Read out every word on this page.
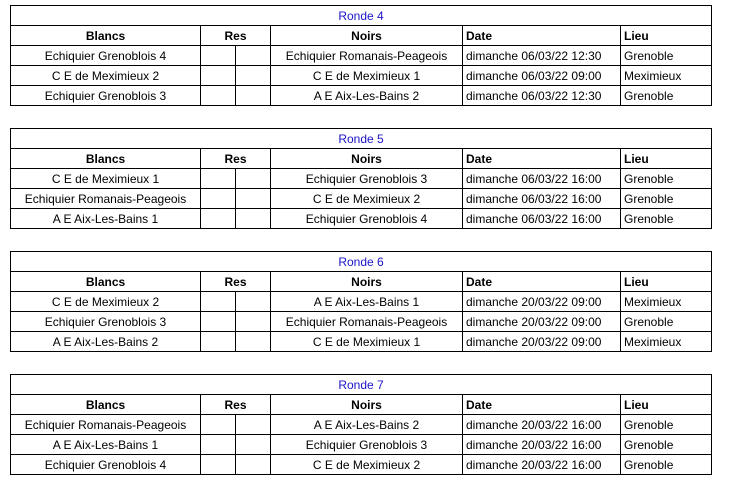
Ronde 4					
Blancs	Res		Noirs	Date	Lieu
Echiquier Grenoblois 4			Echiquier Romanais-Peageois	dimanche 06/03/22 12:30	Grenoble
C E de Meximieux 2			C E de Meximieux 1	dimanche 06/03/22 09:00	Meximieux
Echiquier Grenoblois 3			A E Aix-Les-Bains 2	dimanche 06/03/22 12:30	Grenoble
Ronde 5					
Blancs	Res		Noirs	Date	Lieu
C E de Meximieux 1			Echiquier Grenoblois 3	dimanche 06/03/22 16:00	Grenoble
Echiquier Romanais-Peageois			C E de Meximieux 2	dimanche 06/03/22 16:00	Grenoble
A E Aix-Les-Bains 1			Echiquier Grenoblois 4	dimanche 06/03/22 16:00	Grenoble
Ronde 6					
Blancs	Res		Noirs	Date	Lieu
C E de Meximieux 2			A E Aix-Les-Bains 1	dimanche 20/03/22 09:00	Meximieux
Echiquier Grenoblois 3			Echiquier Romanais-Peageois	dimanche 20/03/22 09:00	Grenoble
A E Aix-Les-Bains 2			C E de Meximieux 1	dimanche 20/03/22 09:00	Meximieux
Ronde 7					
Blancs	Res		Noirs	Date	Lieu
Echiquier Romanais-Peageois			A E Aix-Les-Bains 2	dimanche 20/03/22 16:00	Grenoble
A E Aix-Les-Bains 1			Echiquier Grenoblois 3	dimanche 20/03/22 16:00	Grenoble
Echiquier Grenoblois 4			C E de Meximieux 2	dimanche 20/03/22 16:00	Grenoble
